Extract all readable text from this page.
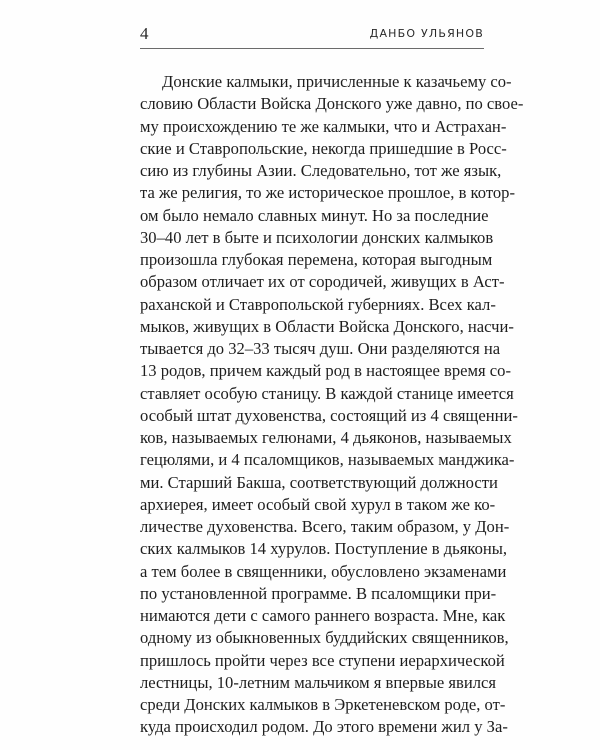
4	ДАНБО УЛЬЯНОВ
Донские калмыки, причисленные к казачьему со-
словию Области Войска Донского уже давно, по свое-
му происхождению те же калмыки, что и Астрахан-
ские и Ставропольские, некогда пришедшие в Росс-
сию из глубины Азии. Следовательно, тот же язык,
та же религия, то же историческое прошлое, в котор-
ом было немало славных минут. Но за последние
30–40 лет в быте и психологии донских калмыков
произошла глубокая перемена, которая выгодным
образом отличает их от сородичей, живущих в Аст-
раханской и Ставропольской губерниях. Всех кал-
мыков, живущих в Области Войска Донского, насчи-
тывается до 32–33 тысяч душ. Они разделяются на
13 родов, причем каждый род в настоящее время со-
ставляет особую станицу. В каждой станице имеется
особый штат духовенства, состоящий из 4 священни-
ков, называемых гелюнами, 4 дьяконов, называемых
гецюлями, и 4 псаломщиков, называемых манджика-
ми. Старший Бакша, соответствующий должности
архиерея, имеет особый свой хурул в таком же ко-
личестве духовенства. Всего, таким образом, у Дон-
ских калмыков 14 хурулов. Поступление в дьяконы,
а тем более в священники, обусловлено экзаменами
по установленной программе. В псаломщики при-
нимаются дети с самого раннего возраста. Мне, как
одному из обыкновенных буддийских священников,
пришлось пройти через все ступени иерархической
лестницы, 10-летним мальчиком я впервые явился
среди Донских калмыков в Эркетеневском роде, от-
куда происходил родом. До этого времени жил у За-
